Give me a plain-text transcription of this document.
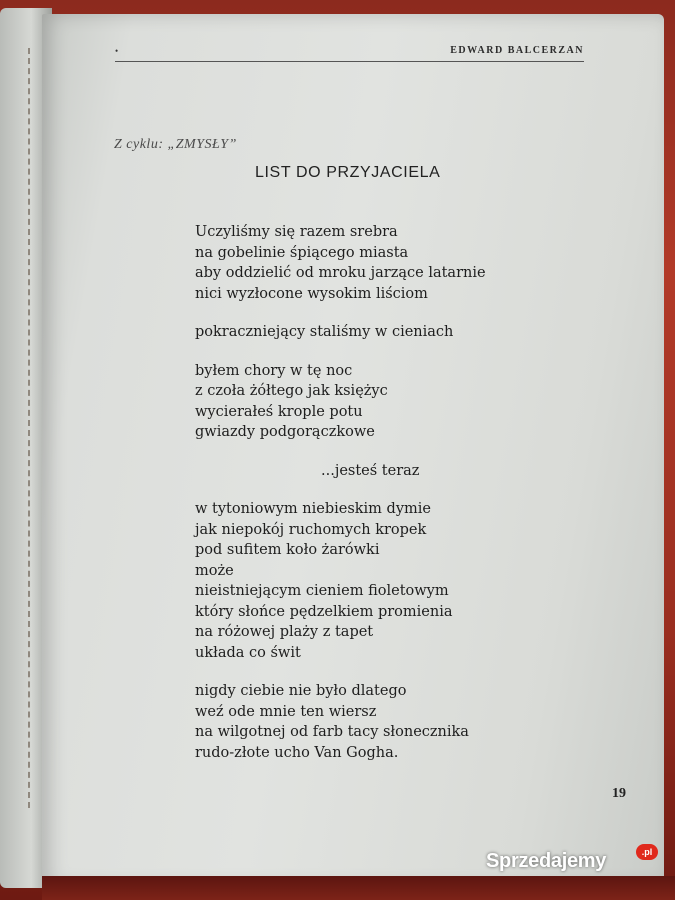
•	EDWARD BALCERZAN
Z cyklu: „ZMYSŁY”
LIST DO PRZYJACIELA

Uczyliśmy się razem srebra

na gobelinie śpiącego miasta

aby oddzielić od mroku jarzące latarnie

nici wyzłocone wysokim liściom

pokraczniejący staliśmy w cieniach

byłem chory w tę noc

z czoła żółtego jak księżyc

wycierałeś krople potu

gwiazdy podgorączkowe

...jesteś teraz

w tytoniowym niebieskim dymie

jak niepokój ruchomych kropek

pod sufitem koło żarówki

może

nieistniejącym cieniem fioletowym

który słońce pędzelkiem promienia

na różowej plaży z tapet

układa co świt

nigdy ciebie nie było dlatego

weź ode mnie ten wiersz

na wilgotnej od farb tacy słonecznika

rudo-złote ucho Van Gogha.

19
Sprzedajemy	.pl
